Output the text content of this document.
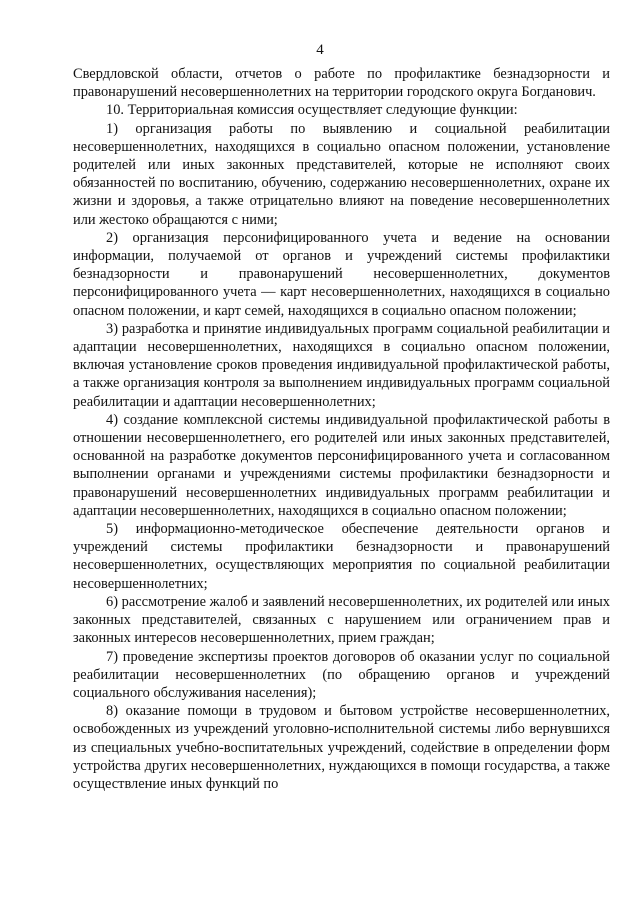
4

Свердловской области, отчетов о работе по профилактике безнадзорности и правонарушений несовершеннолетних на территории городского округа Богданович.

10. Территориальная комиссия осуществляет следующие функции:

1) организация работы по выявлению и социальной реабилитации несовершеннолетних, находящихся в социально опасном положении, установление родителей или иных законных представителей, которые не исполняют своих обязанностей по воспитанию, обучению, содержанию несовершеннолетних, охране их жизни и здоровья, а также отрицательно влияют на поведение несовершеннолетних или жестоко обращаются с ними;

2) организация персонифицированного учета и ведение на основании информации, получаемой от органов и учреждений системы профилактики безнадзорности и правонарушений несовершеннолетних, документов персонифицированного учета — карт несовершеннолетних, находящихся в социально опасном положении, и карт семей, находящихся в социально опасном положении;

3) разработка и принятие индивидуальных программ социальной реабилитации и адаптации несовершеннолетних, находящихся в социально опасном положении, включая установление сроков проведения индивидуальной профилактической работы, а также организация контроля за выполнением индивидуальных программ социальной реабилитации и адаптации несовершеннолетних;

4) создание комплексной системы индивидуальной профилактической работы в отношении несовершеннолетнего, его родителей или иных законных представителей, основанной на разработке документов персонифицированного учета и согласованном выполнении органами и учреждениями системы профилактики безнадзорности и правонарушений несовершеннолетних индивидуальных программ реабилитации и адаптации несовершеннолетних, находящихся в социально опасном положении;

5) информационно-методическое обеспечение деятельности органов и учреждений системы профилактики безнадзорности и правонарушений несовершеннолетних, осуществляющих мероприятия по социальной реабилитации несовершеннолетних;

6) рассмотрение жалоб и заявлений несовершеннолетних, их родителей или иных законных представителей, связанных с нарушением или ограничением прав и законных интересов несовершеннолетних, прием граждан;

7) проведение экспертизы проектов договоров об оказании услуг по социальной реабилитации несовершеннолетних (по обращению органов и учреждений социального обслуживания населения);

8) оказание помощи в трудовом и бытовом устройстве несовершеннолетних, освобожденных из учреждений уголовно-исполнительной системы либо вернувшихся из специальных учебно-воспитательных учреждений, содействие в определении форм устройства других несовершеннолетних, нуждающихся в помощи государства, а также осуществление иных функций по
